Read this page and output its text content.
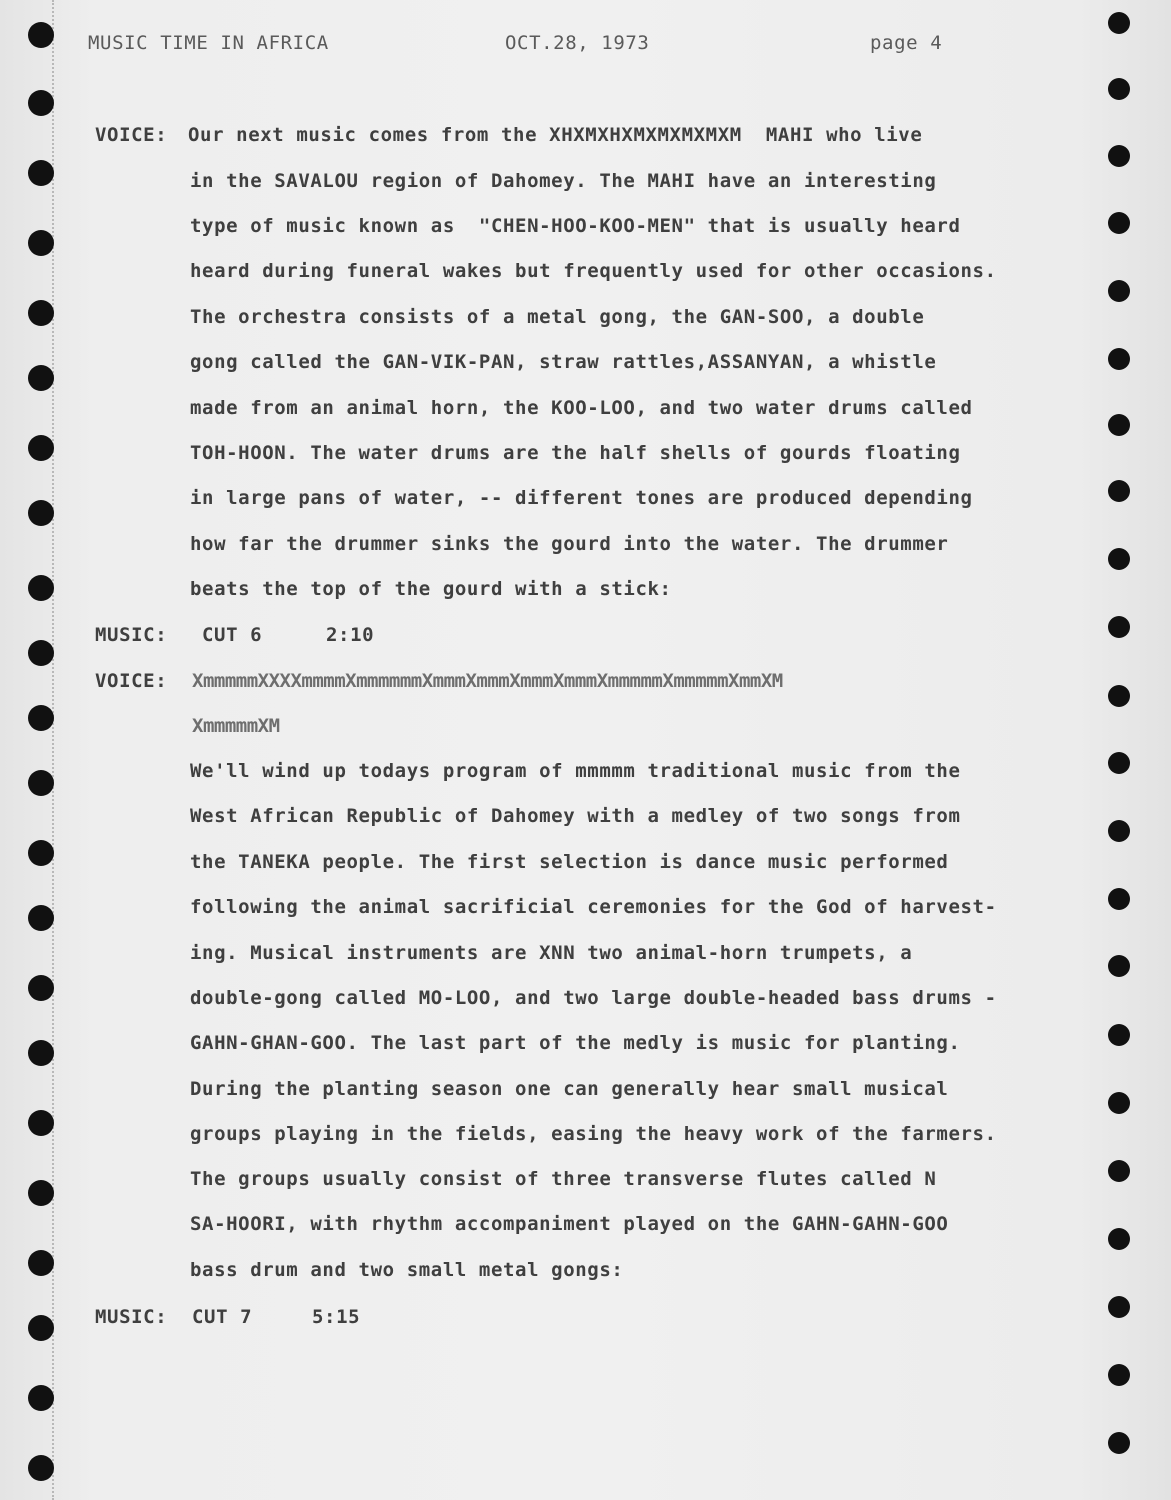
MUSIC TIME IN AFRICA	OCT.28, 1973	page 4
VOICE: Our next music comes from the XHXMXHXMXMXMXMXM  MAHI who live
in the SAVALOU region of Dahomey. The MAHI have an interesting
type of music known as  "CHEN-HOO-KOO-MEN" that is usually heard
heard during funeral wakes but frequently used for other occasions.
The orchestra consists of a metal gong, the GAN-SOO, a double
gong called the GAN-VIK-PAN, straw rattles,ASSANYAN, a whistle
made from an animal horn, the KOO-LOO, and two water drums called
TOH-HOON. The water drums are the half shells of gourds floating
in large pans of water, -- different tones are produced depending
how far the drummer sinks the gourd into the water. The drummer
beats the top of the gourd with a stick:
MUSIC: CUT 6	2:10
VOICE: XmmmmmXXXXmmmmXmmmmmmXmmmXmmmXmmmXmmmXmmmmmXmmmmmXmmXM
XmmmmmXM
We'll wind up todays program of mmmmm traditional music from the
West African Republic of Dahomey with a medley of two songs from
the TANEKA people. The first selection is dance music performed
following the animal sacrificial ceremonies for the God of harvest-
ing. Musical instruments are XNN two animal-horn trumpets, a
double-gong called MO-LOO, and two large double-headed bass drums -
GAHN-GHAN-GOO. The last part of the medly is music for planting.
During the planting season one can generally hear small musical
groups playing in the fields, easing the heavy work of the farmers.
The groups usually consist of three transverse flutes called N
SA-HOORI, with rhythm accompaniment played on the GAHN-GAHN-GOO
bass drum and two small metal gongs:
MUSIC: CUT 7	5:15
